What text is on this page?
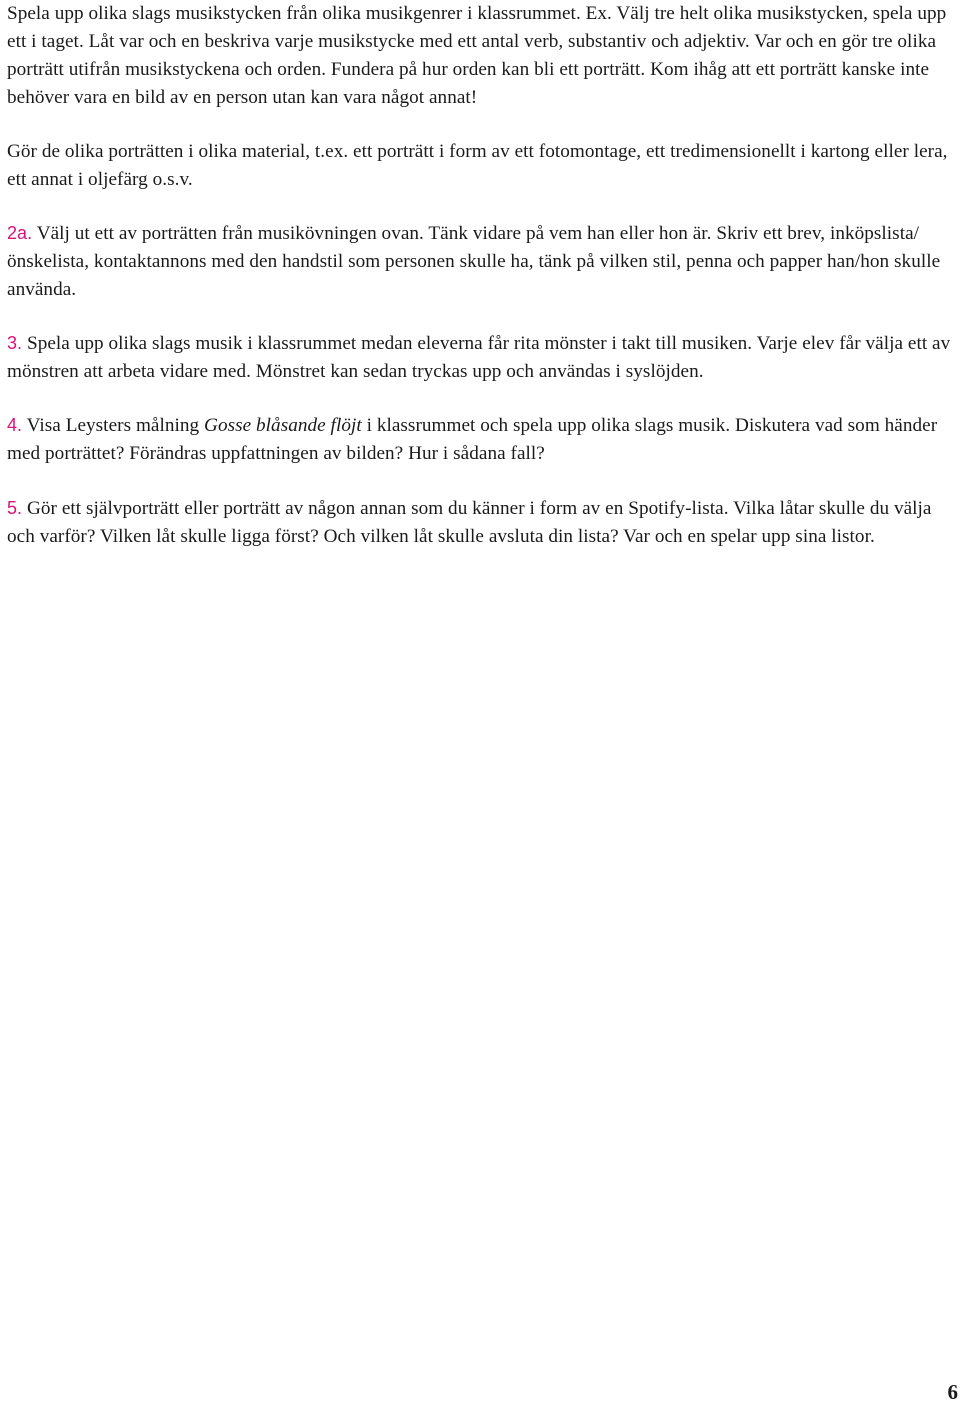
Spela upp olika slags musikstycken från olika musikgenrer i klassrummet. Ex. Välj tre helt olika musikstycken, spela upp ett i taget. Låt var och en beskriva varje musikstycke med ett antal verb, substantiv och adjektiv. Var och en gör tre olika porträtt utifrån musikstyckena och orden. Fundera på hur orden kan bli ett porträtt. Kom ihåg att ett porträtt kanske inte behöver vara en bild av en person utan kan vara något annat!

Gör de olika porträtten i olika material, t.ex. ett porträtt i form av ett fotomontage, ett tredimensionellt i kartong eller lera, ett annat i oljefärg o.s.v.

2a. Välj ut ett av porträtten från musikövningen ovan. Tänk vidare på vem han eller hon är. Skriv ett brev, inköpslista/önskelista, kontaktannons med den handstil som personen skulle ha, tänk på vilken stil, penna och papper han/hon skulle använda.

3. Spela upp olika slags musik i klassrummet medan eleverna får rita mönster i takt till musiken. Varje elev får välja ett av mönstren att arbeta vidare med. Mönstret kan sedan tryckas upp och användas i syslöjden.

4. Visa Leysters målning Gosse blåsande flöjt i klassrummet och spela upp olika slags musik. Diskutera vad som händer med porträttet? Förändras uppfattningen av bilden? Hur i sådana fall?

5. Gör ett självporträtt eller porträtt av någon annan som du känner i form av en Spotify-lista. Vilka låtar skulle du välja och varför? Vilken låt skulle ligga först? Och vilken låt skulle avsluta din lista? Var och en spelar upp sina listor.

6
